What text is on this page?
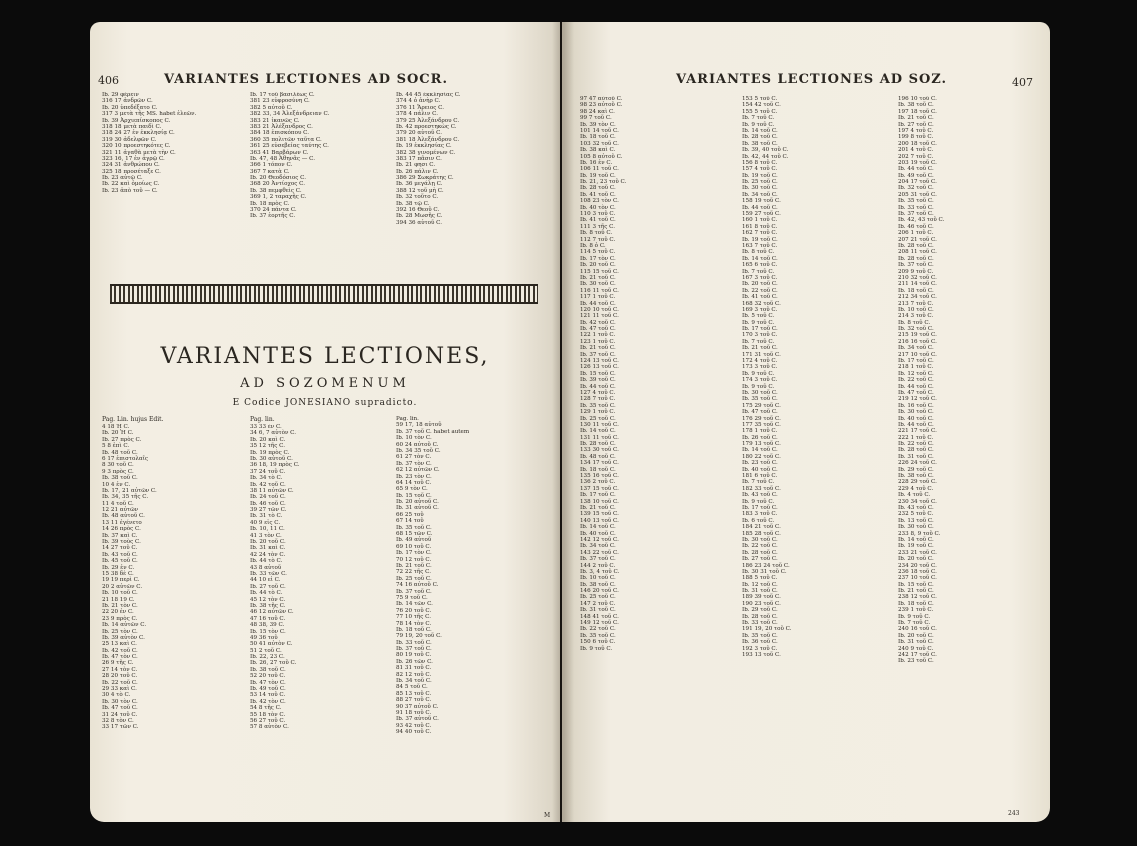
406	VARIANTES LECTIONES AD SOCR.
Ib. 29 φέρειν
316 17 ἀνδρῶν C.
Ib. 20 ὑπεδέξατο C.
317 3 μετὰ τῆς MS. habet ἐλεῶν.
Ib. 39 Ἀρχιεπίσκοπος C.
318 18 μετὰ παιδὶ C.
318 24 27 ἐν ἐκκλησίᾳ C.
319 30 ἀδελφῶν C.
320 10 προεστηκότες C.
321 11 ἀγαθὰ μετὰ τὴν C.
323 16, 17 ἐν ἀγρῷ C.
324 31 ἀνθρώπου C.
325 18 προσέταξε C.
Ib. 23 αὐτῷ C.
Ib. 22 καὶ ὁμοίως C.
Ib. 23 ἀπὸ τοῦ — C.
Ib. 17 τοῦ βασιλέως C.
381 23 εὐφροσύνη C.
382 5 αὐτοῦ C.
382 33, 34 Ἀλεξάνδρειαν C.
383 21 ἱκανῶς C.
383 21 Ἀλέξανδρος C.
384 18 ἐπισκόπου C.
360 35 πολιτῶν ταῦτα C.
361 25 εὐσεβείας ταύτης C.
363 41 Βαρβάρων C.
Ib. 47, 48 Ἀθηνᾶς — C.
366 1 τόπον C.
367 7 κατὰ C.
Ib. 20 Θεοδόσιος C.
368 20 Ἀντίοχος C.
Ib. 38 πεμφθεὶς C.
369 1, 2 ταραχῆς C.
Ib. 18 πρὸς C.
370 24 πάντα C.
Ib. 37 ἑορτῆς C.
Ib. 44 45 ἐκκλησίας C.
374 4 ὁ ἀνὴρ C.
376 11 Ἄρειος C.
378 4 πάλιν C.
379 25 Ἀλεξάνδρου C.
Ib. 42 προεστηκὼς C.
379 20 αὐτοῦ C.
381 18 Ἀλεξάνδρου C.
Ib. 19 ἐκκλησίας C.
382 38 γινομένων C.
383 17 πᾶσιν C.
Ib. 21 φησι C.
Ib. 26 πάλιν C.
386 29 Σωκράτης C.
Ib. 36 μεγάλῃ C.
388 12 τοῦ μὴ C.
Ib. 32 τοῦτο C.
Ib. 38 τῷ C.
392 16 Θεοῦ C.
Ib. 28 Μωσῆς C.
394 36 αὐτοῦ C.
VARIANTES LECTIONES,
AD SOZOMENUM
E Codice JONESIANO supradicto.
Pag. Lin. hujus Edit.	Pag. lin.
4 18 Ἡ C.
Ib. 20 Ἡ C.
Ib. 27 πρὸς C.
5 8 ἐπὶ C.
Ib. 48 τοῦ C.
6 17 ἐπιστολαῖς
8 30 τοῦ C.
9 3 πρὸς C.
Ib. 38 τοῦ C.
10 4 ἐν C.
Ib. 17, 21 αὐτῶν C.
Ib. 34, 35 τῆς C.
11 4 τοῦ C.
12 21 αὐτῶν
Ib. 48 αὐτοῦ C.
13 11 ἐγένετο
14 26 πρὸς C.
Ib. 37 καὶ C.
Ib. 39 τοὺς C.
14 27 τοῦ C.
Ib. 43 τοῦ C.
Ib. 45 τοῦ C.
Ib. 29 ἐν C.
15 38 δὲ C.
19 19 περὶ C.
20 2 αὐτῶν C.
Ib. 10 τοῦ C.
21 18 19 C.
Ib. 21 τὸν C.
22 20 ἐν C.
23 9 πρὸς C.
Ib. 14 αὐτῶν C.
Ib. 25 τὸν C.
Ib. 39 αὐτὸν C.
25 13 καὶ C.
Ib. 42 τοῦ C.
Ib. 47 τὸν C.
26 9 τῆς C.
27 14 τὸν C.
28 20 τοῦ C.
Ib. 22 τοῦ C.
29 33 καὶ C.
30 4 τὸ C.
Ib. 30 τὸν C.
Ib. 47 τοῦ C.
31 24 τοῦ C.
32 8 τὸν C.
33 17 τῶν C.
33 33 ἐν C.
34 6, 7 αὐτὸν C.
Ib. 20 καὶ C.
35 12 τῆς C.
Ib. 19 πρὸς C.
Ib. 30 αὐτοῦ C.
36 18, 19 πρὸς C.
37 24 τοῦ C.
Ib. 34 τὸ C.
Ib. 42 τοῦ C.
38 11 αὐτῶν C.
Ib. 24 τοῦ C.
Ib. 46 τοῦ C.
39 27 τῶν C.
Ib. 31 τὸ C.
40 9 εἰς C.
Ib. 10, 11 C.
41 3 τὸν C.
Ib. 20 τοῦ C.
Ib. 31 καὶ C.
42 24 τὸν C.
Ib. 44 τὸ C.
43 8 αὐτοῦ
Ib. 33 τῶν C.
44 10 εἰ C.
Ib. 27 τοῦ C.
Ib. 44 τὸ C.
45 12 τὸν C.
Ib. 38 τῆς C.
46 12 αὐτῶν C.
47 16 τοῦ C.
48 38, 39 C.
Ib. 15 τὸν C.
49 36 τοῦ
50 41 αὐτὸν C.
51 2 τοῦ C.
Ib. 22, 23 C.
Ib. 26, 27 τοῦ C.
Ib. 38 τοῦ C.
52 20 τοῦ C.
Ib. 47 τὸν C.
Ib. 49 τοῦ C.
53 14 τοῦ C.
Ib. 42 τὸν C.
54 8 τῆς C.
55 18 τὸν C.
56 27 τοῦ C.
57 8 αὐτὸν C.
Pag. lin.
59 17, 18 αὐτοῦ
Ib. 37 τοῦ C. habet autem
Ib. 10 τὸν C.
60 24 αὐτοῦ C.
Ib. 34 35 τοῦ C.
61 27 τὸν C.
Ib. 37 τὸν C.
62 12 αὐτῶν C.
Ib. 23 τὸν C.
64 14 τοῦ C.
65 9 τὸν C.
Ib. 15 τοῦ C.
Ib. 20 αὐτοῦ C.
Ib. 31 αὐτοῦ C.
66 25 τοῦ
67 14 τοῦ
Ib. 35 τοῦ C.
68 15 τῶν C.
Ib. 49 αὐτοῦ
69 10 τοῦ C.
Ib. 17 τὸν C.
70 12 τοῦ C.
Ib. 21 τοῦ C.
72 22 τῆς C.
Ib. 25 τοῦ C.
74 16 αὐτοῦ C.
Ib. 37 τοῦ C.
75 9 τοῦ C.
Ib. 14 τῶν C.
76 20 τοῦ C.
77 10 τῆς C.
78 14 τὸν C.
Ib. 18 τοῦ C.
79 19, 20 τοῦ C.
Ib. 33 τοῦ C.
Ib. 37 τοῦ C.
80 19 τοῦ C.
Ib. 26 τῶν C.
81 31 τοῦ C.
82 12 τοῦ C.
Ib. 34 τοῦ C.
84 5 τοῦ C.
85 13 τοῦ C.
88 27 τοῦ C.
90 37 αὐτοῦ C.
91 18 τοῦ C.
Ib. 37 αὐτοῦ C.
93 42 τοῦ C.
94 40 τοῦ C.
M
VARIANTES LECTIONES AD SOZ.	407
97 47 αὐτοῦ C.
98 23 αὐτοῦ C.
98 24 καὶ C.
99 7 τοῦ C.
Ib. 39 τὸν C.
101 14 τοῦ C.
Ib. 18 τοῦ C.
103 32 τοῦ C.
Ib. 38 καὶ C.
105 8 αὐτοῦ C.
Ib. 16 ἐν C.
106 11 τοῦ C.
Ib. 19 τοῦ C.
Ib. 21, 23 τοῦ C.
Ib. 28 τοῦ C.
Ib. 41 τοῦ C.
108 23 τὸν C.
Ib. 40 τὸν C.
110 3 τοῦ C.
Ib. 41 τοῦ C.
111 3 τῆς C.
Ib. 8 τοῦ C.
112 7 τοῦ C.
Ib. 8 ὁ C.
114 5 τοῦ C.
Ib. 17 τὸν C.
Ib. 20 τοῦ C.
115 15 τοῦ C.
Ib. 21 τοῦ C.
Ib. 30 τοῦ C.
116 11 τοῦ C.
117 1 τοῦ C.
Ib. 44 τοῦ C.
120 10 τοῦ C.
121 11 τοῦ C.
Ib. 42 τοῦ C.
Ib. 47 τοῦ C.
122 1 τοῦ C.
123 1 τοῦ C.
Ib. 21 τοῦ C.
Ib. 37 τοῦ C.
124 13 τοῦ C.
126 13 τοῦ C.
Ib. 15 τοῦ C.
Ib. 39 τοῦ C.
Ib. 44 τοῦ C.
127 4 τοῦ C.
128 7 τοῦ C.
Ib. 35 τοῦ C.
129 1 τοῦ C.
Ib. 25 τοῦ C.
130 11 τοῦ C.
Ib. 14 τοῦ C.
131 11 τοῦ C.
Ib. 28 τοῦ C.
133 30 τοῦ C.
Ib. 48 τοῦ C.
134 17 τοῦ C.
Ib. 18 τοῦ C.
135 16 τοῦ C.
136 2 τοῦ C.
137 15 τοῦ C.
Ib. 17 τοῦ C.
138 10 τοῦ C.
Ib. 21 τοῦ C.
139 15 τοῦ C.
140 13 τοῦ C.
Ib. 14 τοῦ C.
Ib. 40 τοῦ C.
142 12 τοῦ C.
Ib. 34 τοῦ C.
143 22 τοῦ C.
Ib. 37 τοῦ C.
144 2 τοῦ C.
Ib. 3, 4 τοῦ C.
Ib. 10 τοῦ C.
Ib. 38 τοῦ C.
146 20 τοῦ C.
Ib. 25 τοῦ C.
147 2 τοῦ C.
Ib. 31 τοῦ C.
148 41 τοῦ C.
149 12 τοῦ C.
Ib. 22 τοῦ C.
Ib. 35 τοῦ C.
150 6 τοῦ C.
Ib. 9 τοῦ C.
153 5 τοῦ C.
154 42 τοῦ C.
155 5 τοῦ C.
Ib. 7 τοῦ C.
Ib. 9 τοῦ C.
Ib. 14 τοῦ C.
Ib. 28 τοῦ C.
Ib. 38 τοῦ C.
Ib. 39, 40 τοῦ C.
Ib. 42, 44 τοῦ C.
156 8 τοῦ C.
157 4 τοῦ C.
Ib. 19 τοῦ C.
Ib. 25 τοῦ C.
Ib. 30 τοῦ C.
Ib. 34 τοῦ C.
158 19 τοῦ C.
Ib. 44 τοῦ C.
159 27 τοῦ C.
160 1 τοῦ C.
161 8 τοῦ C.
162 7 τοῦ C.
Ib. 19 τοῦ C.
163 7 τοῦ C.
Ib. 8 τοῦ C.
Ib. 14 τοῦ C.
165 6 τοῦ C.
Ib. 7 τοῦ C.
167 3 τοῦ C.
Ib. 20 τοῦ C.
Ib. 22 τοῦ C.
Ib. 41 τοῦ C.
168 32 τοῦ C.
169 3 τοῦ C.
Ib. 5 τοῦ C.
Ib. 9 τοῦ C.
Ib. 17 τοῦ C.
170 3 τοῦ C.
Ib. 7 τοῦ C.
Ib. 21 τοῦ C.
171 31 τοῦ C.
172 4 τοῦ C.
173 3 τοῦ C.
Ib. 9 τοῦ C.
174 3 τοῦ C.
Ib. 9 τοῦ C.
Ib. 30 τοῦ C.
Ib. 35 τοῦ C.
175 29 τοῦ C.
Ib. 47 τοῦ C.
176 29 τοῦ C.
177 35 τοῦ C.
178 1 τοῦ C.
Ib. 26 τοῦ C.
179 13 τοῦ C.
Ib. 14 τοῦ C.
180 22 τοῦ C.
Ib. 23 τοῦ C.
Ib. 40 τοῦ C.
181 6 τοῦ C.
Ib. 7 τοῦ C.
182 33 τοῦ C.
Ib. 43 τοῦ C.
Ib. 9 τοῦ C.
Ib. 17 τοῦ C.
183 3 τοῦ C.
Ib. 6 τοῦ C.
184 21 τοῦ C.
185 28 τοῦ C.
Ib. 30 τοῦ C.
Ib. 22 τοῦ C.
Ib. 28 τοῦ C.
Ib. 27 τοῦ C.
186 23 24 τοῦ C.
Ib. 30 31 τοῦ C.
188 5 τοῦ C.
Ib. 12 τοῦ C.
Ib. 31 τοῦ C.
189 39 τοῦ C.
190 23 τοῦ C.
Ib. 29 τοῦ C.
Ib. 28 τοῦ C.
Ib. 33 τοῦ C.
191 19, 20 τοῦ C.
Ib. 35 τοῦ C.
Ib. 36 τοῦ C.
192 3 τοῦ C.
193 13 τοῦ C.
196 10 τοῦ C.
Ib. 38 τοῦ C.
197 18 τοῦ C.
Ib. 21 τοῦ C.
Ib. 27 τοῦ C.
197 4 τοῦ C.
199 8 τοῦ C.
200 18 τοῦ C.
201 4 τοῦ C.
202 7 τοῦ C.
203 19 τοῦ C.
Ib. 44 τοῦ C.
Ib. 49 τοῦ C.
204 17 τοῦ C.
Ib. 32 τοῦ C.
205 31 τοῦ C.
Ib. 35 τοῦ C.
Ib. 33 τοῦ C.
Ib. 37 τοῦ C.
Ib. 42, 43 τοῦ C.
Ib. 46 τοῦ C.
206 1 τοῦ C.
207 21 τοῦ C.
Ib. 28 τοῦ C.
208 11 τοῦ C.
Ib. 28 τοῦ C.
Ib. 37 τοῦ C.
209 9 τοῦ C.
210 32 τοῦ C.
211 14 τοῦ C.
Ib. 18 τοῦ C.
212 34 τοῦ C.
213 7 τοῦ C.
Ib. 10 τοῦ C.
214 3 τοῦ C.
Ib. 8 τοῦ C.
Ib. 32 τοῦ C.
215 19 τοῦ C.
216 16 τοῦ C.
Ib. 34 τοῦ C.
217 10 τοῦ C.
Ib. 17 τοῦ C.
218 1 τοῦ C.
Ib. 12 τοῦ C.
Ib. 22 τοῦ C.
Ib. 44 τοῦ C.
Ib. 47 τοῦ C.
219 12 τοῦ C.
Ib. 16 τοῦ C.
Ib. 30 τοῦ C.
Ib. 40 τοῦ C.
Ib. 44 τοῦ C.
221 17 τοῦ C.
222 1 τοῦ C.
Ib. 22 τοῦ C.
Ib. 28 τοῦ C.
Ib. 31 τοῦ C.
226 24 τοῦ C.
Ib. 29 τοῦ C.
Ib. 38 τοῦ C.
228 29 τοῦ C.
229 4 τοῦ C.
Ib. 4 τοῦ C.
230 34 τοῦ C.
Ib. 43 τοῦ C.
232 5 τοῦ C.
Ib. 13 τοῦ C.
Ib. 30 τοῦ C.
233 8, 9 τοῦ C.
Ib. 14 τοῦ C.
Ib. 19 τοῦ C.
233 21 τοῦ C.
Ib. 20 τοῦ C.
234 20 τοῦ C.
236 18 τοῦ C.
237 10 τοῦ C.
Ib. 15 τοῦ C.
Ib. 21 τοῦ C.
238 12 τοῦ C.
Ib. 18 τοῦ C.
239 1 τοῦ C.
Ib. 9 τοῦ C.
Ib. 7 τοῦ C.
240 16 τοῦ C.
Ib. 20 τοῦ C.
Ib. 31 τοῦ C.
240 9 τοῦ C.
242 17 τοῦ C.
Ib. 23 τοῦ C.
243
